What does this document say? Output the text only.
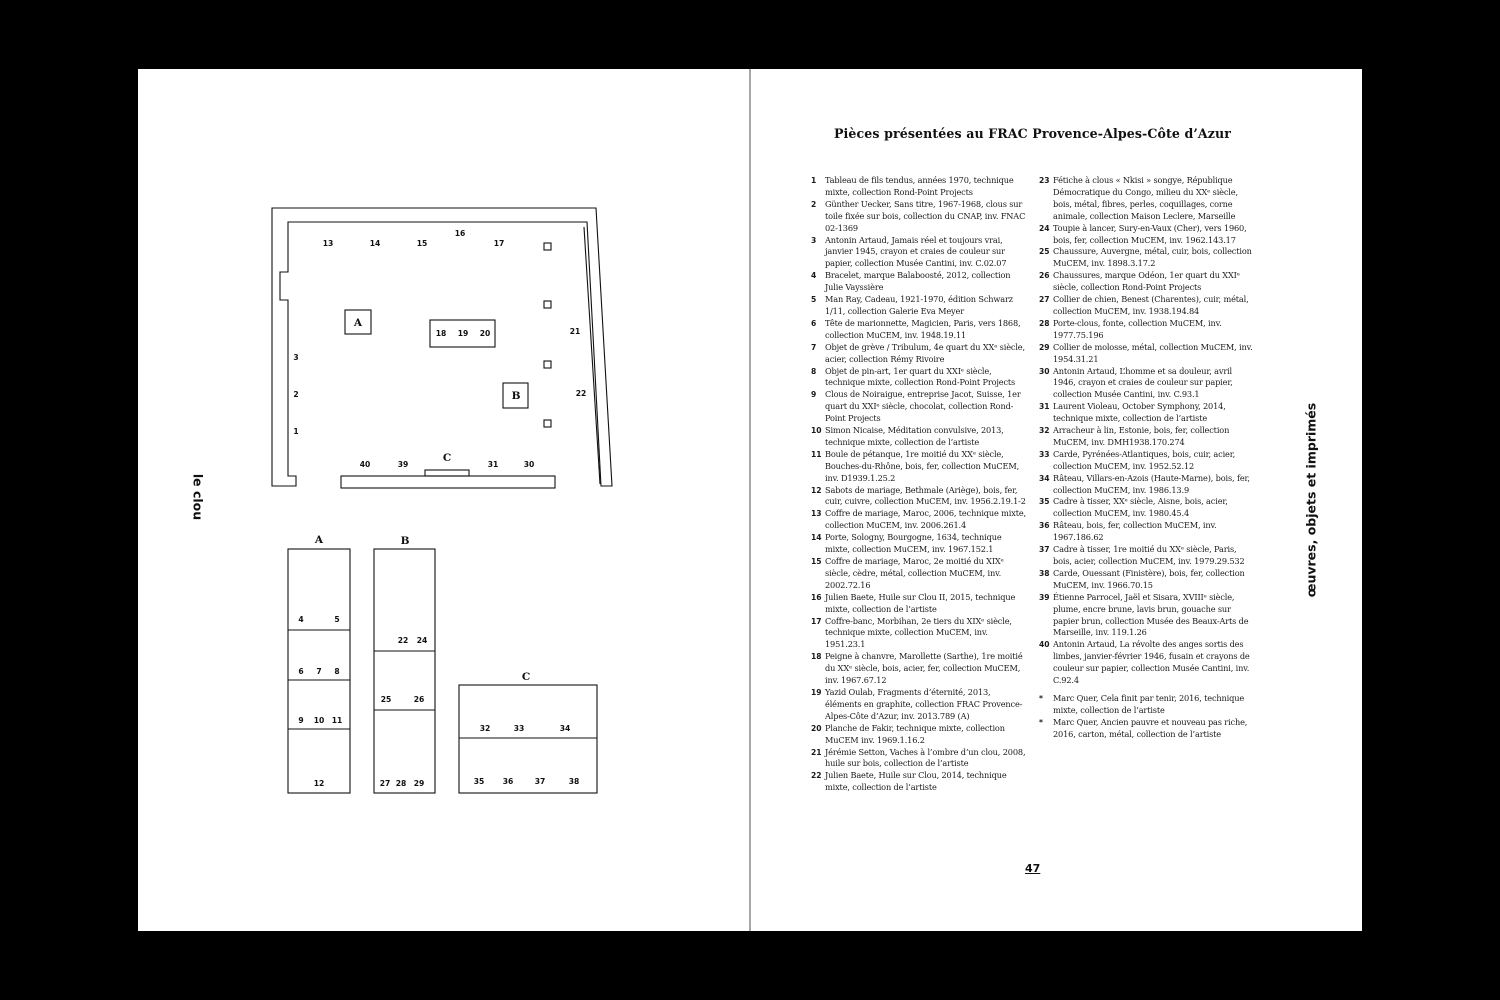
le clou
A
B
C
13	14	15
16
17
18 19 20	21
22
3
2
1
40	39	31	30
A
4	5
6 7 8
9 10 11
12
B
22 24
25	26
27 28 29
C
32	33	34
35 36	37	38
Pièces présentées au FRAC Provence-Alpes-Côte d’Azur
1	Tableau de fils tendus, années 1970, technique mixte, collection Rond-Point Projects
2	Günther Uecker, Sans titre, 1967-1968, clous sur toile fixée sur bois, collection du CNAP, inv. FNAC 02-1369
3	Antonin Artaud, Jamais réel et toujours vrai, janvier 1945, crayon et craies de couleur sur papier, collection Musée Cantini, inv. C.02.07
4	Bracelet, marque Balaboosté, 2012, collection Julie Vayssière
5	Man Ray, Cadeau, 1921-1970, édition Schwarz 1/11, collection Galerie Eva Meyer
6	Tête de marionnette, Magicien, Paris, vers 1868, collection MuCEM, inv. 1948.19.11
7	Objet de grève / Tribulum, 4e quart du XXᵉ siècle, acier, collection Rémy Rivoire
8	Objet de pin-art, 1er quart du XXIᵉ siècle, technique mixte, collection Rond-Point Projects
9	Clous de Noiraigue, entreprise Jacot, Suisse, 1er quart du XXIᵉ siècle, chocolat, collection Rond-Point Projects
10 Simon Nicaise, Méditation convulsive, 2013, technique mixte, collection de l’artiste
11 Boule de pétanque, 1re moitié du XXᵉ siècle, Bouches-du-Rhône, bois, fer, collection MuCEM, inv. D1939.1.25.2
12 Sabots de mariage, Bethmale (Ariège), bois, fer, cuir, cuivre, collection MuCEM, inv. 1956.2.19.1-2
13 Coffre de mariage, Maroc, 2006, technique mixte, collection MuCEM, inv. 2006.261.4
14 Porte, Sologny, Bourgogne, 1634, technique mixte, collection MuCEM, inv. 1967.152.1
15 Coffre de mariage, Maroc, 2e moitié du XIXᵉ siècle, cèdre, métal, collection MuCEM, inv. 2002.72.16
16 Julien Baete, Huile sur Clou II, 2015, technique mixte, collection de l’artiste
17 Coffre-banc, Morbihan, 2e tiers du XIXᵉ siècle, technique mixte, collection MuCEM, inv. 1951.23.1
18 Peigne à chanvre, Marollette (Sarthe), 1re moitié du XXᵉ siècle, bois, acier, fer, collection MuCEM, inv. 1967.67.12
19 Yazid Oulab, Fragments d’éternité, 2013, éléments en graphite, collection FRAC Provence-Alpes-Côte d’Azur, inv. 2013.789 (A)
20 Planche de Fakir, technique mixte, collection MuCEM inv. 1969.1.16.2
21 Jérémie Setton, Vaches à l’ombre d’un clou, 2008, huile sur bois, collection de l’artiste
22 Julien Baete, Huile sur Clou, 2014, technique mixte, collection de l’artiste
23 Fétiche à clous « Nkisi » songye, République Démocratique du Congo, milieu du XXᵉ siècle, bois, métal, fibres, perles, coquillages, corne animale, collection Maison Leclere, Marseille
24 Toupie à lancer, Sury-en-Vaux (Cher), vers 1960, bois, fer, collection MuCEM, inv. 1962.143.17
25 Chaussure, Auvergne, métal, cuir, bois, collection MuCEM, inv. 1898.3.17.2
26 Chaussures, marque Odéon, 1er quart du XXIᵉ siècle, collection Rond-Point Projects
27 Collier de chien, Benest (Charentes), cuir, métal, collection MuCEM, inv. 1938.194.84
28 Porte-clous, fonte, collection MuCEM, inv. 1977.75.196
29 Collier de molosse, métal, collection MuCEM, inv. 1954.31.21
30 Antonin Artaud, L’homme et sa douleur, avril 1946, crayon et craies de couleur sur papier, collection Musée Cantini, inv. C.93.1
31 Laurent Violeau, October Symphony, 2014, technique mixte, collection de l’artiste
32 Arracheur à lin, Estonie, bois, fer, collection MuCEM, inv. DMH1938.170.274
33 Carde, Pyrénées-Atlantiques, bois, cuir, acier, collection MuCEM, inv. 1952.52.12
34 Râteau, Villars-en-Azois (Haute-Marne), bois, fer, collection MuCEM, inv. 1986.13.9
35 Cadre à tisser, XXᵉ siècle, Aisne, bois, acier, collection MuCEM, inv. 1980.45.4
36 Râteau, bois, fer, collection MuCEM, inv. 1967.186.62
37 Cadre à tisser, 1re moitié du XXᵉ siècle, Paris, bois, acier, collection MuCEM, inv. 1979.29.532
38 Carde, Ouessant (Finistère), bois, fer, collection MuCEM, inv. 1966.70.15
39 Étienne Parrocel, Jaël et Sisara, XVIIIᵉ siècle, plume, encre brune, lavis brun, gouache sur papier brun, collection Musée des Beaux-Arts de Marseille, inv. 119.1.26
40 Antonin Artaud, La révolte des anges sortis des limbes, janvier-février 1946, fusain et crayons de couleur sur papier, collection Musée Cantini, inv. C.92.4
*	Marc Quer, Cela finit par tenir, 2016, technique mixte, collection de l’artiste
*	Marc Quer, Ancien pauvre et nouveau pas riche, 2016, carton, métal, collection de l’artiste
47
œuvres, objets et imprimés
